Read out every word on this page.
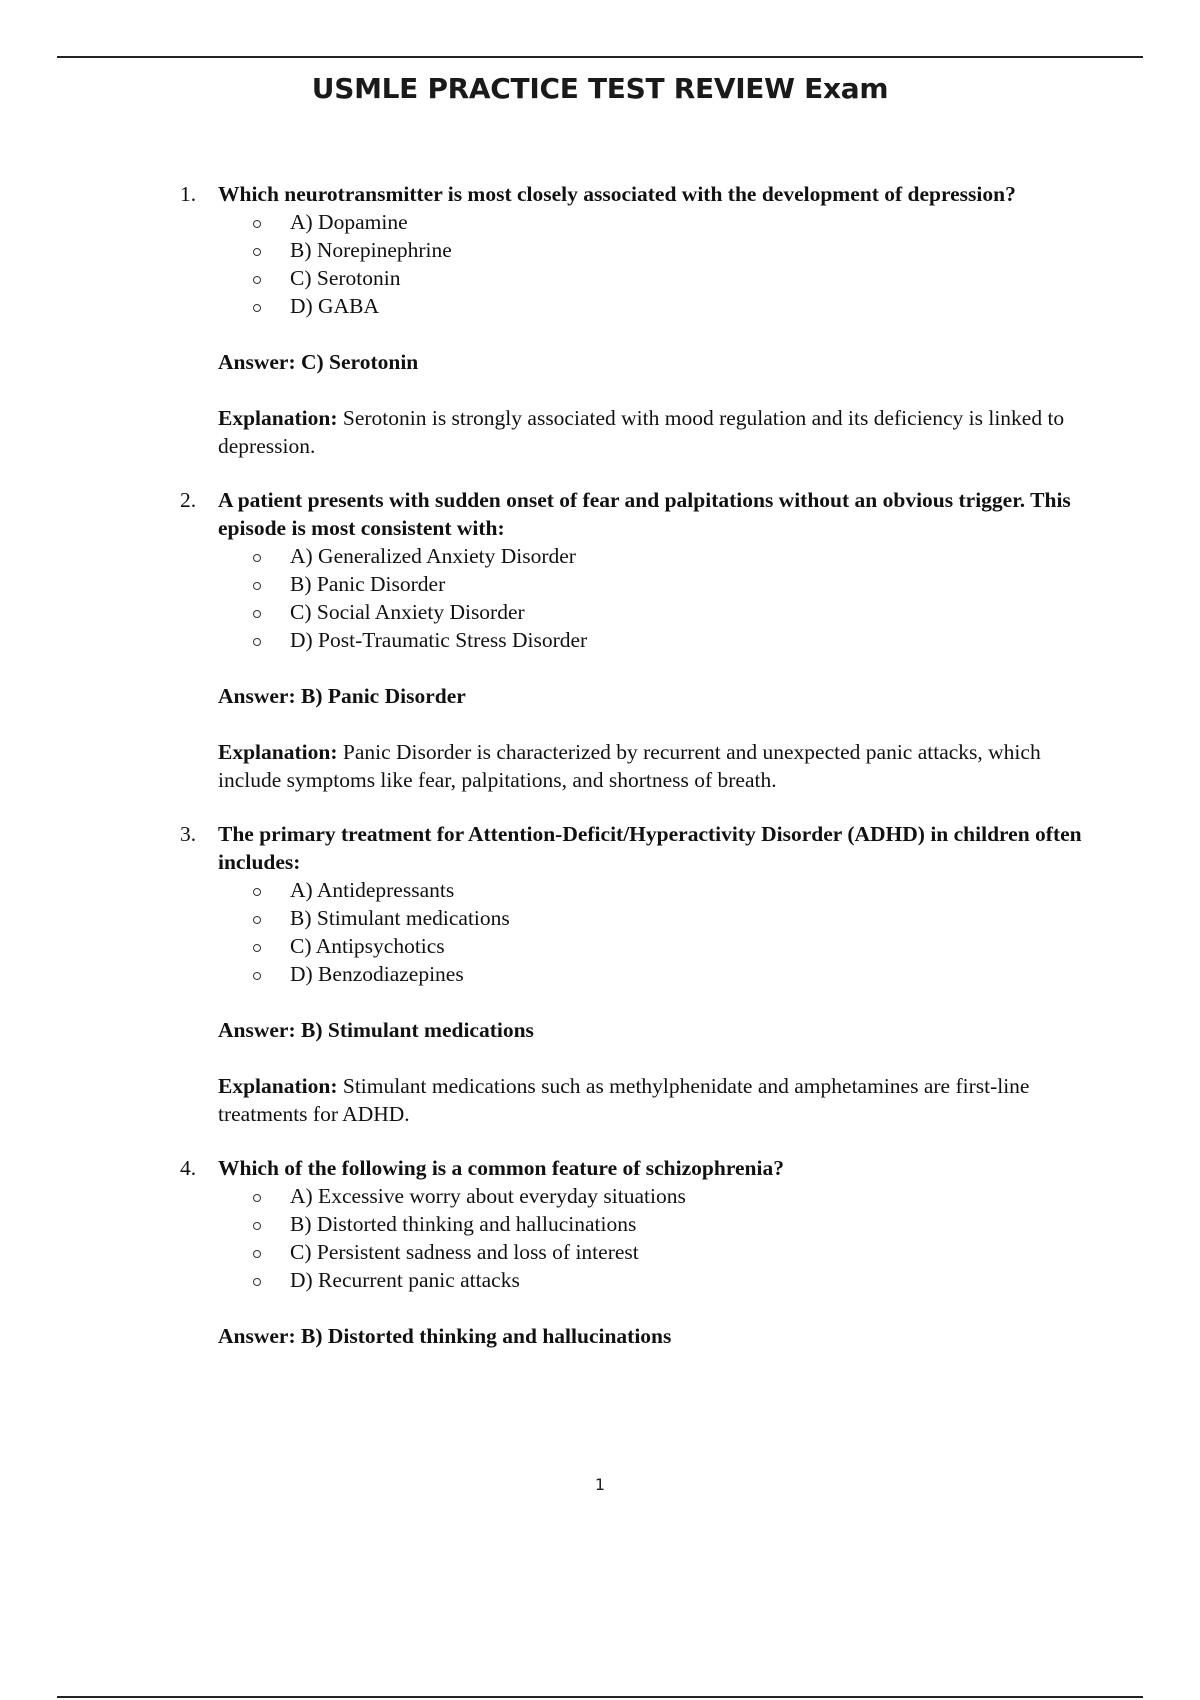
USMLE PRACTICE TEST REVIEW Exam
1. Which neurotransmitter is most closely associated with the development of depression?
A) Dopamine
B) Norepinephrine
C) Serotonin
D) GABA
Answer: C) Serotonin
Explanation: Serotonin is strongly associated with mood regulation and its deficiency is linked to depression.
2. A patient presents with sudden onset of fear and palpitations without an obvious trigger. This episode is most consistent with:
A) Generalized Anxiety Disorder
B) Panic Disorder
C) Social Anxiety Disorder
D) Post-Traumatic Stress Disorder
Answer: B) Panic Disorder
Explanation: Panic Disorder is characterized by recurrent and unexpected panic attacks, which include symptoms like fear, palpitations, and shortness of breath.
3. The primary treatment for Attention-Deficit/Hyperactivity Disorder (ADHD) in children often includes:
A) Antidepressants
B) Stimulant medications
C) Antipsychotics
D) Benzodiazepines
Answer: B) Stimulant medications
Explanation: Stimulant medications such as methylphenidate and amphetamines are first-line treatments for ADHD.
4. Which of the following is a common feature of schizophrenia?
A) Excessive worry about everyday situations
B) Distorted thinking and hallucinations
C) Persistent sadness and loss of interest
D) Recurrent panic attacks
Answer: B) Distorted thinking and hallucinations
1
